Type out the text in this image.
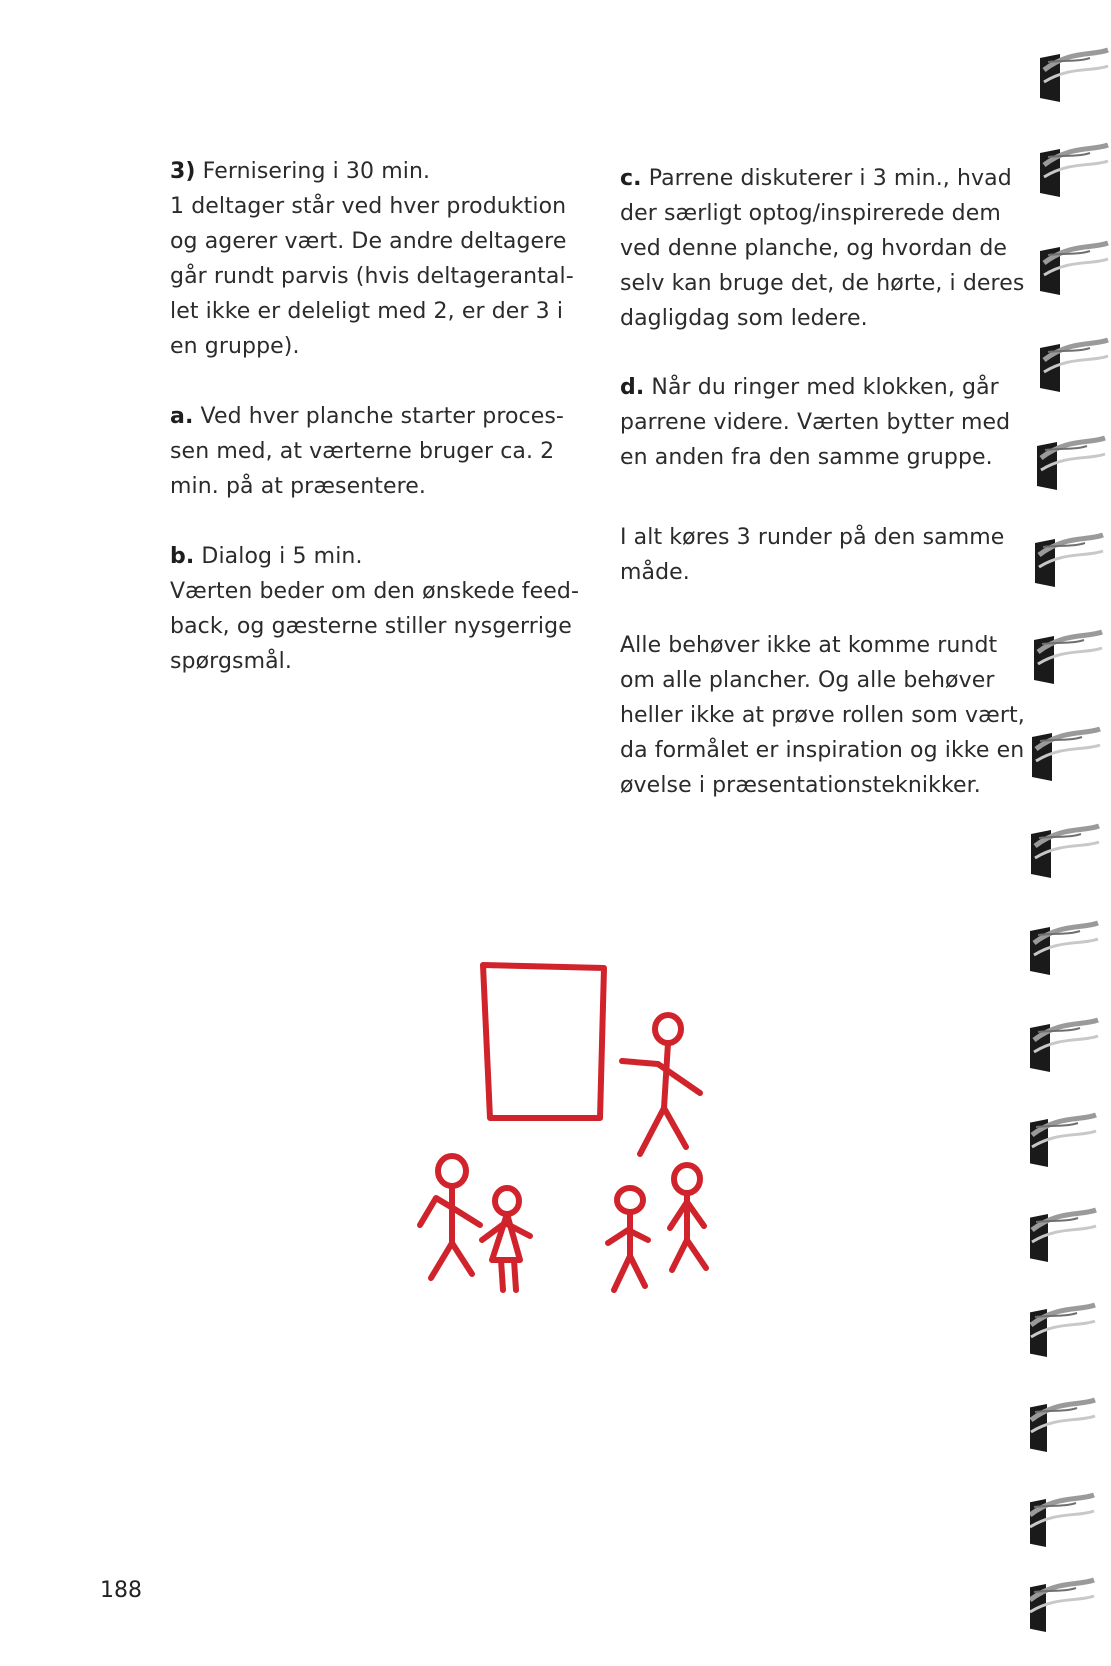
3) Fernisering i 30 min.
1 deltager står ved hver produktion
og agerer vært. De andre deltagere
går rundt parvis (hvis deltagerantal-
let ikke er deleligt med 2, er der 3 i
en gruppe).

a. Ved hver planche starter proces-
sen med, at værterne bruger ca. 2
min. på at præsentere.

b. Dialog i 5 min.
Værten beder om den ønskede feed-
back, og gæsterne stiller nysgerrige
spørgsmål.

c. Parrene diskuterer i 3 min., hvad
der særligt optog/inspirerede dem
ved denne planche, og hvordan de
selv kan bruge det, de hørte, i deres
dagligdag som ledere.

d. Når du ringer med klokken, går
parrene videre. Værten bytter med
en anden fra den samme gruppe.

I alt køres 3 runder på den samme
måde.

Alle behøver ikke at komme rundt
om alle plancher. Og alle behøver
heller ikke at prøve rollen som vært,
da formålet er inspiration og ikke en
øvelse i præsentationsteknikker.

188
